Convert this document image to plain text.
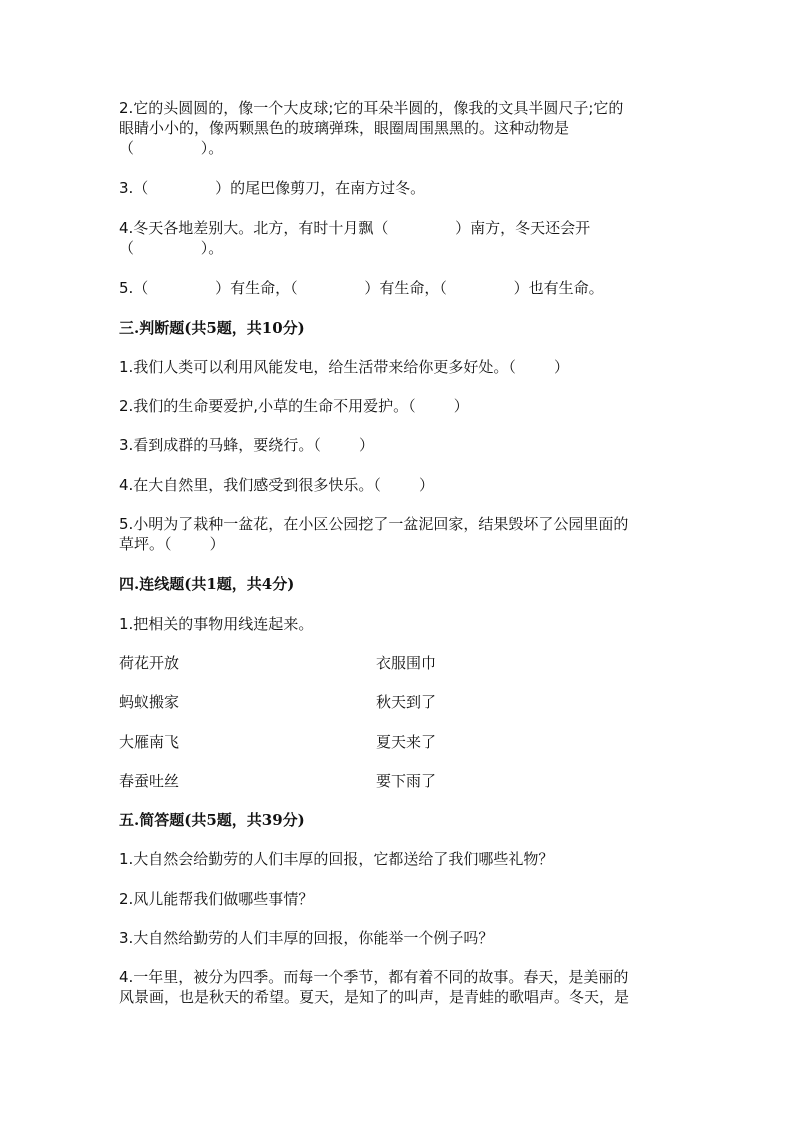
2.它的头圆圆的，像一个大皮球;它的耳朵半圆的，像我的文具半圆尺子;它的
眼睛小小的，像两颗黑色的玻璃弹珠，眼圈周围黑黑的。这种动物是
（              ）。
3.（              ）的尾巴像剪刀，在南方过冬。
4.冬天各地差别大。北方，有时十月飘（              ）南方，冬天还会开
（              ）。
5.（              ）有生命，（              ）有生命，（              ）也有生命。
三.判断题(共5题，共10分)
1.我们人类可以利用风能发电，给生活带来给你更多好处。（        ）
2.我们的生命要爱护,小草的生命不用爱护。（        ）
3.看到成群的马蜂，要绕行。（        ）
4.在大自然里，我们感受到很多快乐。（        ）
5.小明为了栽种一盆花，在小区公园挖了一盆泥回家，结果毁坏了公园里面的
草坪。（        ）
四.连线题(共1题，共4分)
1.把相关的事物用线连起来。
荷花开放	衣服围巾
蚂蚁搬家	秋天到了
大雁南飞	夏天来了
春蚕吐丝	要下雨了
五.简答题(共5题，共39分)
1.大自然会给勤劳的人们丰厚的回报，它都送给了我们哪些礼物？
2.风儿能帮我们做哪些事情？
3.大自然给勤劳的人们丰厚的回报，你能举一个例子吗？
4.一年里，被分为四季。而每一个季节，都有着不同的故事。春天，是美丽的
风景画，也是秋天的希望。夏天，是知了的叫声，是青蛙的歌唱声。冬天，是
